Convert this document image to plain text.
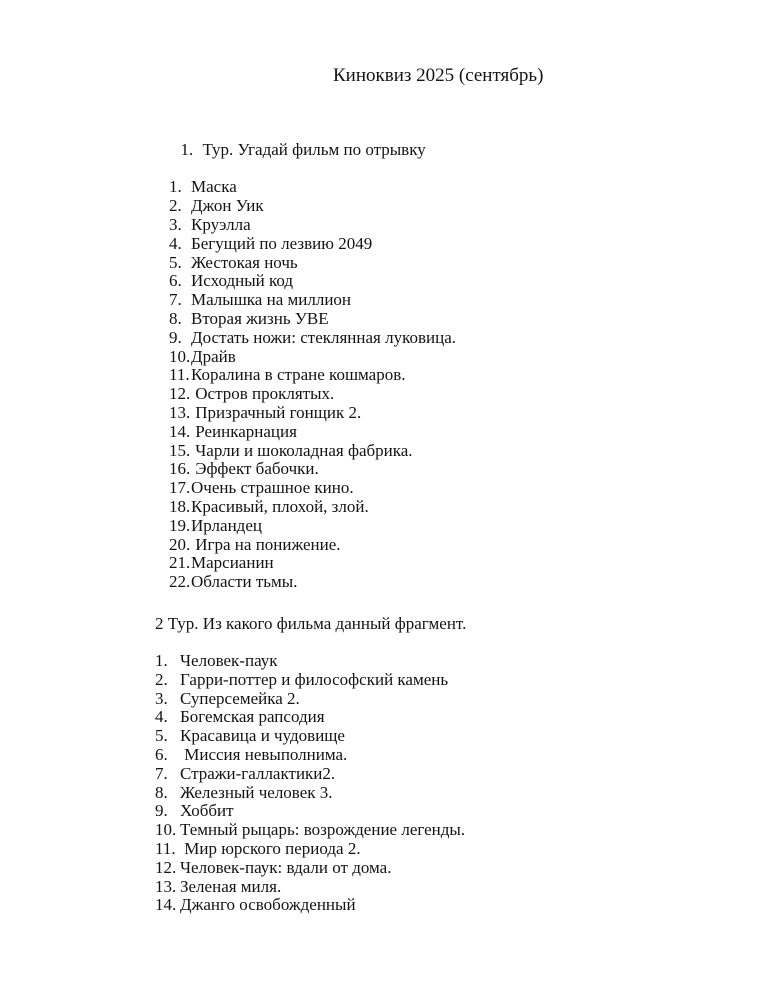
Киноквиз 2025 (сентябрь)

1. Тур. Угадай фильм по отрывку

1. Маска
2. Джон Уик
3. Круэлла
4. Бегущий по лезвию 2049
5. Жестокая ночь
6. Исходный код
7. Малышка на миллион
8. Вторая жизнь УВЕ
9. Достать ножи: стеклянная луковица.
10.Драйв
11.Коралина в стране кошмаров.
12. Остров проклятых.
13. Призрачный гонщик 2.
14. Реинкарнация
15. Чарли и шоколадная фабрика.
16. Эффект бабочки.
17.Очень страшное кино.
18.Красивый, плохой, злой.
19.Ирландец
20. Игра на понижение.
21.Марсианин
22.Области тьмы.
2 Тур. Из какого фильма данный фрагмент.
1. Человек-паук
2. Гарри-поттер и философский камень
3. Суперсемейка 2.
4. Богемская рапсодия
5. Красавица и чудовище
6. Миссия невыполнима.
7. Стражи-галлактики2.
8. Железный человек 3.
9. Хоббит
10. Темный рыцарь: возрождение легенды.
11. Мир юрского периода 2.
12. Человек-паук: вдали от дома.
13. Зеленая миля.
14. Джанго освобожденный
